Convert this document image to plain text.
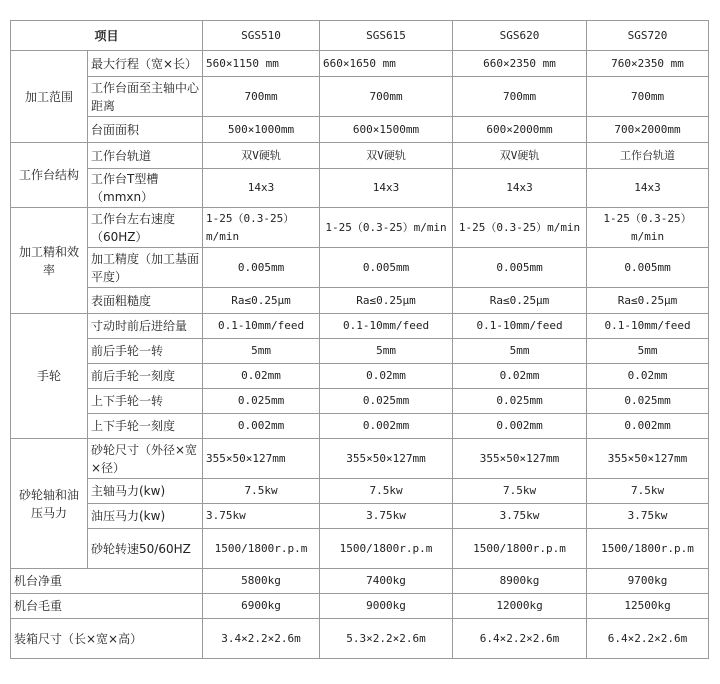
项目		SGS510	SGS615	SGS620	SGS720
加工范围	最大行程（宽×长）	560×1150 mm	660×1650 mm	660×2350 mm	760×2350 mm
	工作台面至主轴中心距离	700mm	700mm	700mm	700mm
	台面面积	500×1000mm	600×1500mm	600×2000mm	700×2000mm
工作台结构	工作台轨道	双V硬轨	双V硬轨	双V硬轨	工作台轨道
	工作台T型槽（mmxn）	14x3	14x3	14x3	14x3
加工精和效率	工作台左右速度（60HZ）	1-25（0.3-25）m/min	1-25（0.3-25）m/min	1-25（0.3-25）m/min	1-25（0.3-25）m/min
	加工精度（加工基面平度）	0.005mm	0.005mm	0.005mm	0.005mm
	表面粗糙度	Ra≤0.25μm	Ra≤0.25μm	Ra≤0.25μm	Ra≤0.25μm
手轮	寸动时前后进给量	0.1-10mm/feed	0.1-10mm/feed	0.1-10mm/feed	0.1-10mm/feed
	前后手轮一转	5mm	5mm	5mm	5mm
	前后手轮一刻度	0.02mm	0.02mm	0.02mm	0.02mm
	上下手轮一转	0.025mm	0.025mm	0.025mm	0.025mm
	上下手轮一刻度	0.002mm	0.002mm	0.002mm	0.002mm
砂轮轴和油压马力	砂轮尺寸（外径×宽×径）	355×50×127mm	355×50×127mm	355×50×127mm	355×50×127mm
	主轴马力(kw)	7.5kw	7.5kw	7.5kw	7.5kw
	油压马力(kw)	3.75kw	3.75kw	3.75kw	3.75kw
	砂轮转速50/60HZ	1500/1800r.p.m	1500/1800r.p.m	1500/1800r.p.m	1500/1800r.p.m
机台净重		5800kg	7400kg	8900kg	9700kg
机台毛重		6900kg	9000kg	12000kg	12500kg
装箱尺寸（长×宽×高）		3.4×2.2×2.6m	5.3×2.2×2.6m	6.4×2.2×2.6m	6.4×2.2×2.6m
